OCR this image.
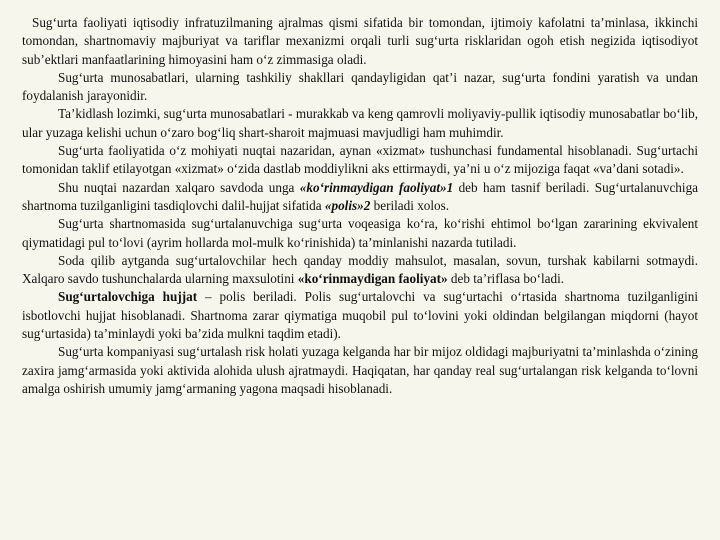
Sug‘urta faoliyati iqtisodiy infratuzilmaning ajralmas qismi sifatida bir tomondan, ijtimoiy kafolatni ta’minlasa, ikkinchi tomondan, shartnomaviy majburiyat va tariflar mexanizmi orqali turli sug‘urta risklaridan ogoh etish negizida iqtisodiyot sub’ektlari manfaatlarining himoyasini ham o‘z zimmasiga oladi.

Sug‘urta munosabatlari, ularning tashkiliy shakllari qandayligidan qat’i nazar, sug‘urta fondini yaratish va undan foydalanish jarayonidir.

Ta’kidlash lozimki, sug‘urta munosabatlari - murakkab va keng qamrovli moliyaviy-pullik iqtisodiy munosabatlar bo‘lib, ular yuzaga kelishi uchun o‘zaro bog‘liq shart-sharoit majmuasi mavjudligi ham muhimdir.

Sug‘urta faoliyatida o‘z mohiyati nuqtai nazaridan, aynan «xizmat» tushunchasi fundamental hisoblanadi. Sug‘urtachi tomonidan taklif etilayotgan «xizmat» o‘zida dastlab moddiylikni aks ettirmaydi, ya’ni u o‘z mijoziga faqat «va’dani sotadi».

Shu nuqtai nazardan xalqaro savdoda unga «ko‘rinmaydigan faoliyat»1 deb ham tasnif beriladi. Sug‘urtalanuvchiga shartnoma tuzilganligini tasdiqlovchi dalil-hujjat sifatida «polis»2 beriladi xolos.

Sug‘urta shartnomasida sug‘urtalanuvchiga sug‘urta voqeasiga ko‘ra, ko‘rishi ehtimol bo‘lgan zararining ekvivalent qiymatidagi pul to‘lovi (ayrim hollarda mol-mulk ko‘rinishida) ta’minlanishi nazarda tutiladi.

Soda qilib aytganda sug‘urtalovchilar hech qanday moddiy mahsulot, masalan, sovun, turshak kabilarni sotmaydi. Xalqaro savdo tushunchalarda ularning maxsulotini «ko‘rinmaydigan faoliyat» deb ta’riflasa bo‘ladi.

Sug‘urtalovchiga hujjat – polis beriladi. Polis sug‘urtalovchi va sug‘urtachi o‘rtasida shartnoma tuzilganligini isbotlovchi hujjat hisoblanadi. Shartnoma zarar qiymatiga muqobil pul to‘lovini yoki oldindan belgilangan miqdorni (hayot sug‘urtasida) ta’minlaydi yoki ba’zida mulkni taqdim etadi).

Sug‘urta kompaniyasi sug‘urtalash risk holati yuzaga kelganda har bir mijoz oldidagi majburiyatni ta’minlashda o‘zining zaxira jamg‘armasida yoki aktivida alohida ulush ajratmaydi. Haqiqatan, har qanday real sug‘urtalangan risk kelganda to‘lovni amalga oshirish umumiy jamg‘armaning yagona maqsadi hisoblanadi.
